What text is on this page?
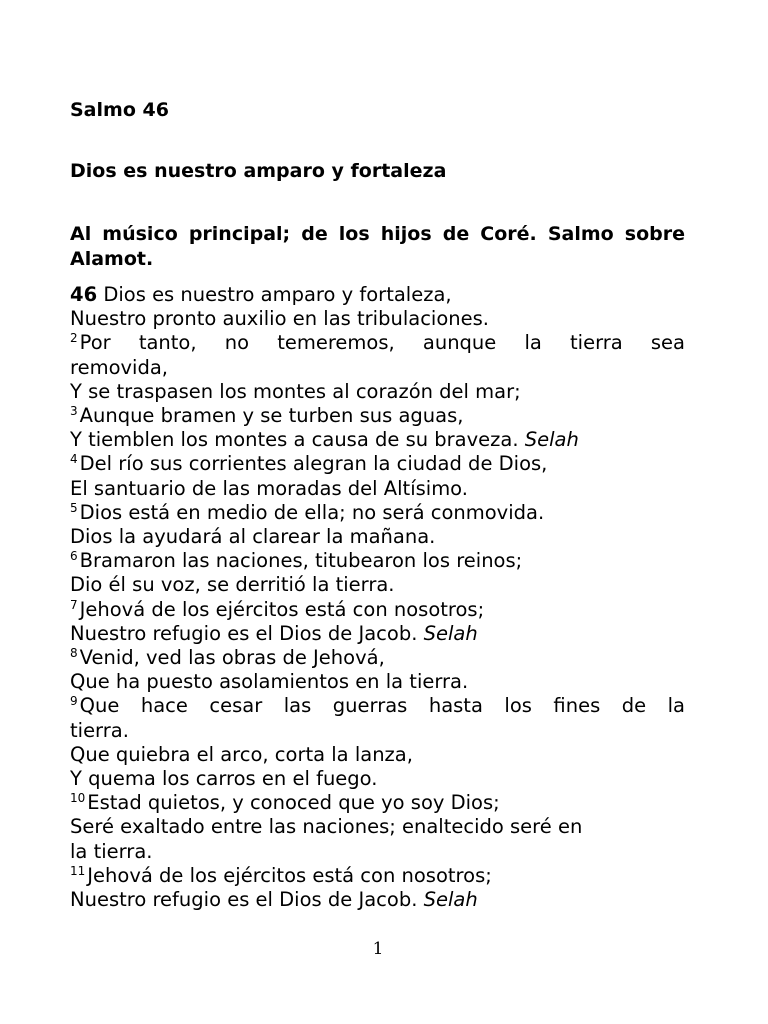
Salmo 46
Dios es nuestro amparo y fortaleza

Al músico principal; de los hijos de Coré. Salmo sobre Alamot.

46 Dios es nuestro amparo y fortaleza,
Nuestro pronto auxilio en las tribulaciones.
$^2$ Por tanto, no temeremos, aunque la tierra sea
removida,
Y se traspasen los montes al corazón del mar;
$^3$ Aunque bramen y se turben sus aguas,
Y tiemblen los montes a causa de su braveza. Selah
$^4$ Del río sus corrientes alegran la ciudad de Dios,
El santuario de las moradas del Altísimo.
$^5$ Dios está en medio de ella; no será conmovida.
Dios la ayudará al clarear la mañana.
$^6$ Bramaron las naciones, titubearon los reinos;
Dio él su voz, se derritió la tierra.
$^7$ Jehová de los ejércitos está con nosotros;
Nuestro refugio es el Dios de Jacob. Selah
$^8$ Venid, ved las obras de Jehová,
Que ha puesto asolamientos en la tierra.
$^9$ Que hace cesar las guerras hasta los fines de la
tierra.
Que quiebra el arco, corta la lanza,
Y quema los carros en el fuego.
$^{10}$ Estad quietos, y conoced que yo soy Dios;
Seré exaltado entre las naciones; enaltecido seré en
la tierra.
$^{11}$ Jehová de los ejércitos está con nosotros;
Nuestro refugio es el Dios de Jacob. Selah
1
